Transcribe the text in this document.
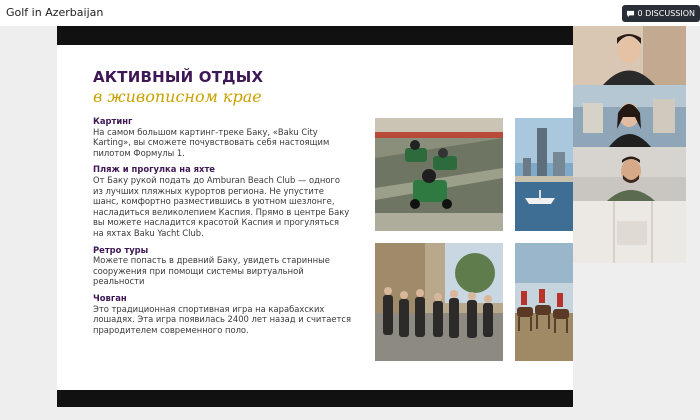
Golf in Azerbaijan	0 DISCUSSION
АКТИВНЫЙ ОТДЫХ
в живописном крае
Картинг
На самом большом картинг-треке Баку, «Baku City Karting», вы сможете почувствовать себя настоящим пилотом Формулы 1.
Пляж и прогулка на яхте
От Баку рукой подать до Amburan Beach Club — одного из лучших пляжных курортов региона. Не упустите шанс, комфортно разместившись в уютном шезлонге, насладиться великолепием Каспия. Прямо в центре Баку вы можете насладится красотой Каспия и прогуляться на яхтах Baku Yacht Club.
Ретро туры
Можете попасть в древний Баку, увидеть старинные сооружения при помощи системы виртуальной реальности
Човган
Это традиционная спортивная игра на карабахских лошадях. Эта игра появилась 2400 лет назад и считается прародителем современного поло.
